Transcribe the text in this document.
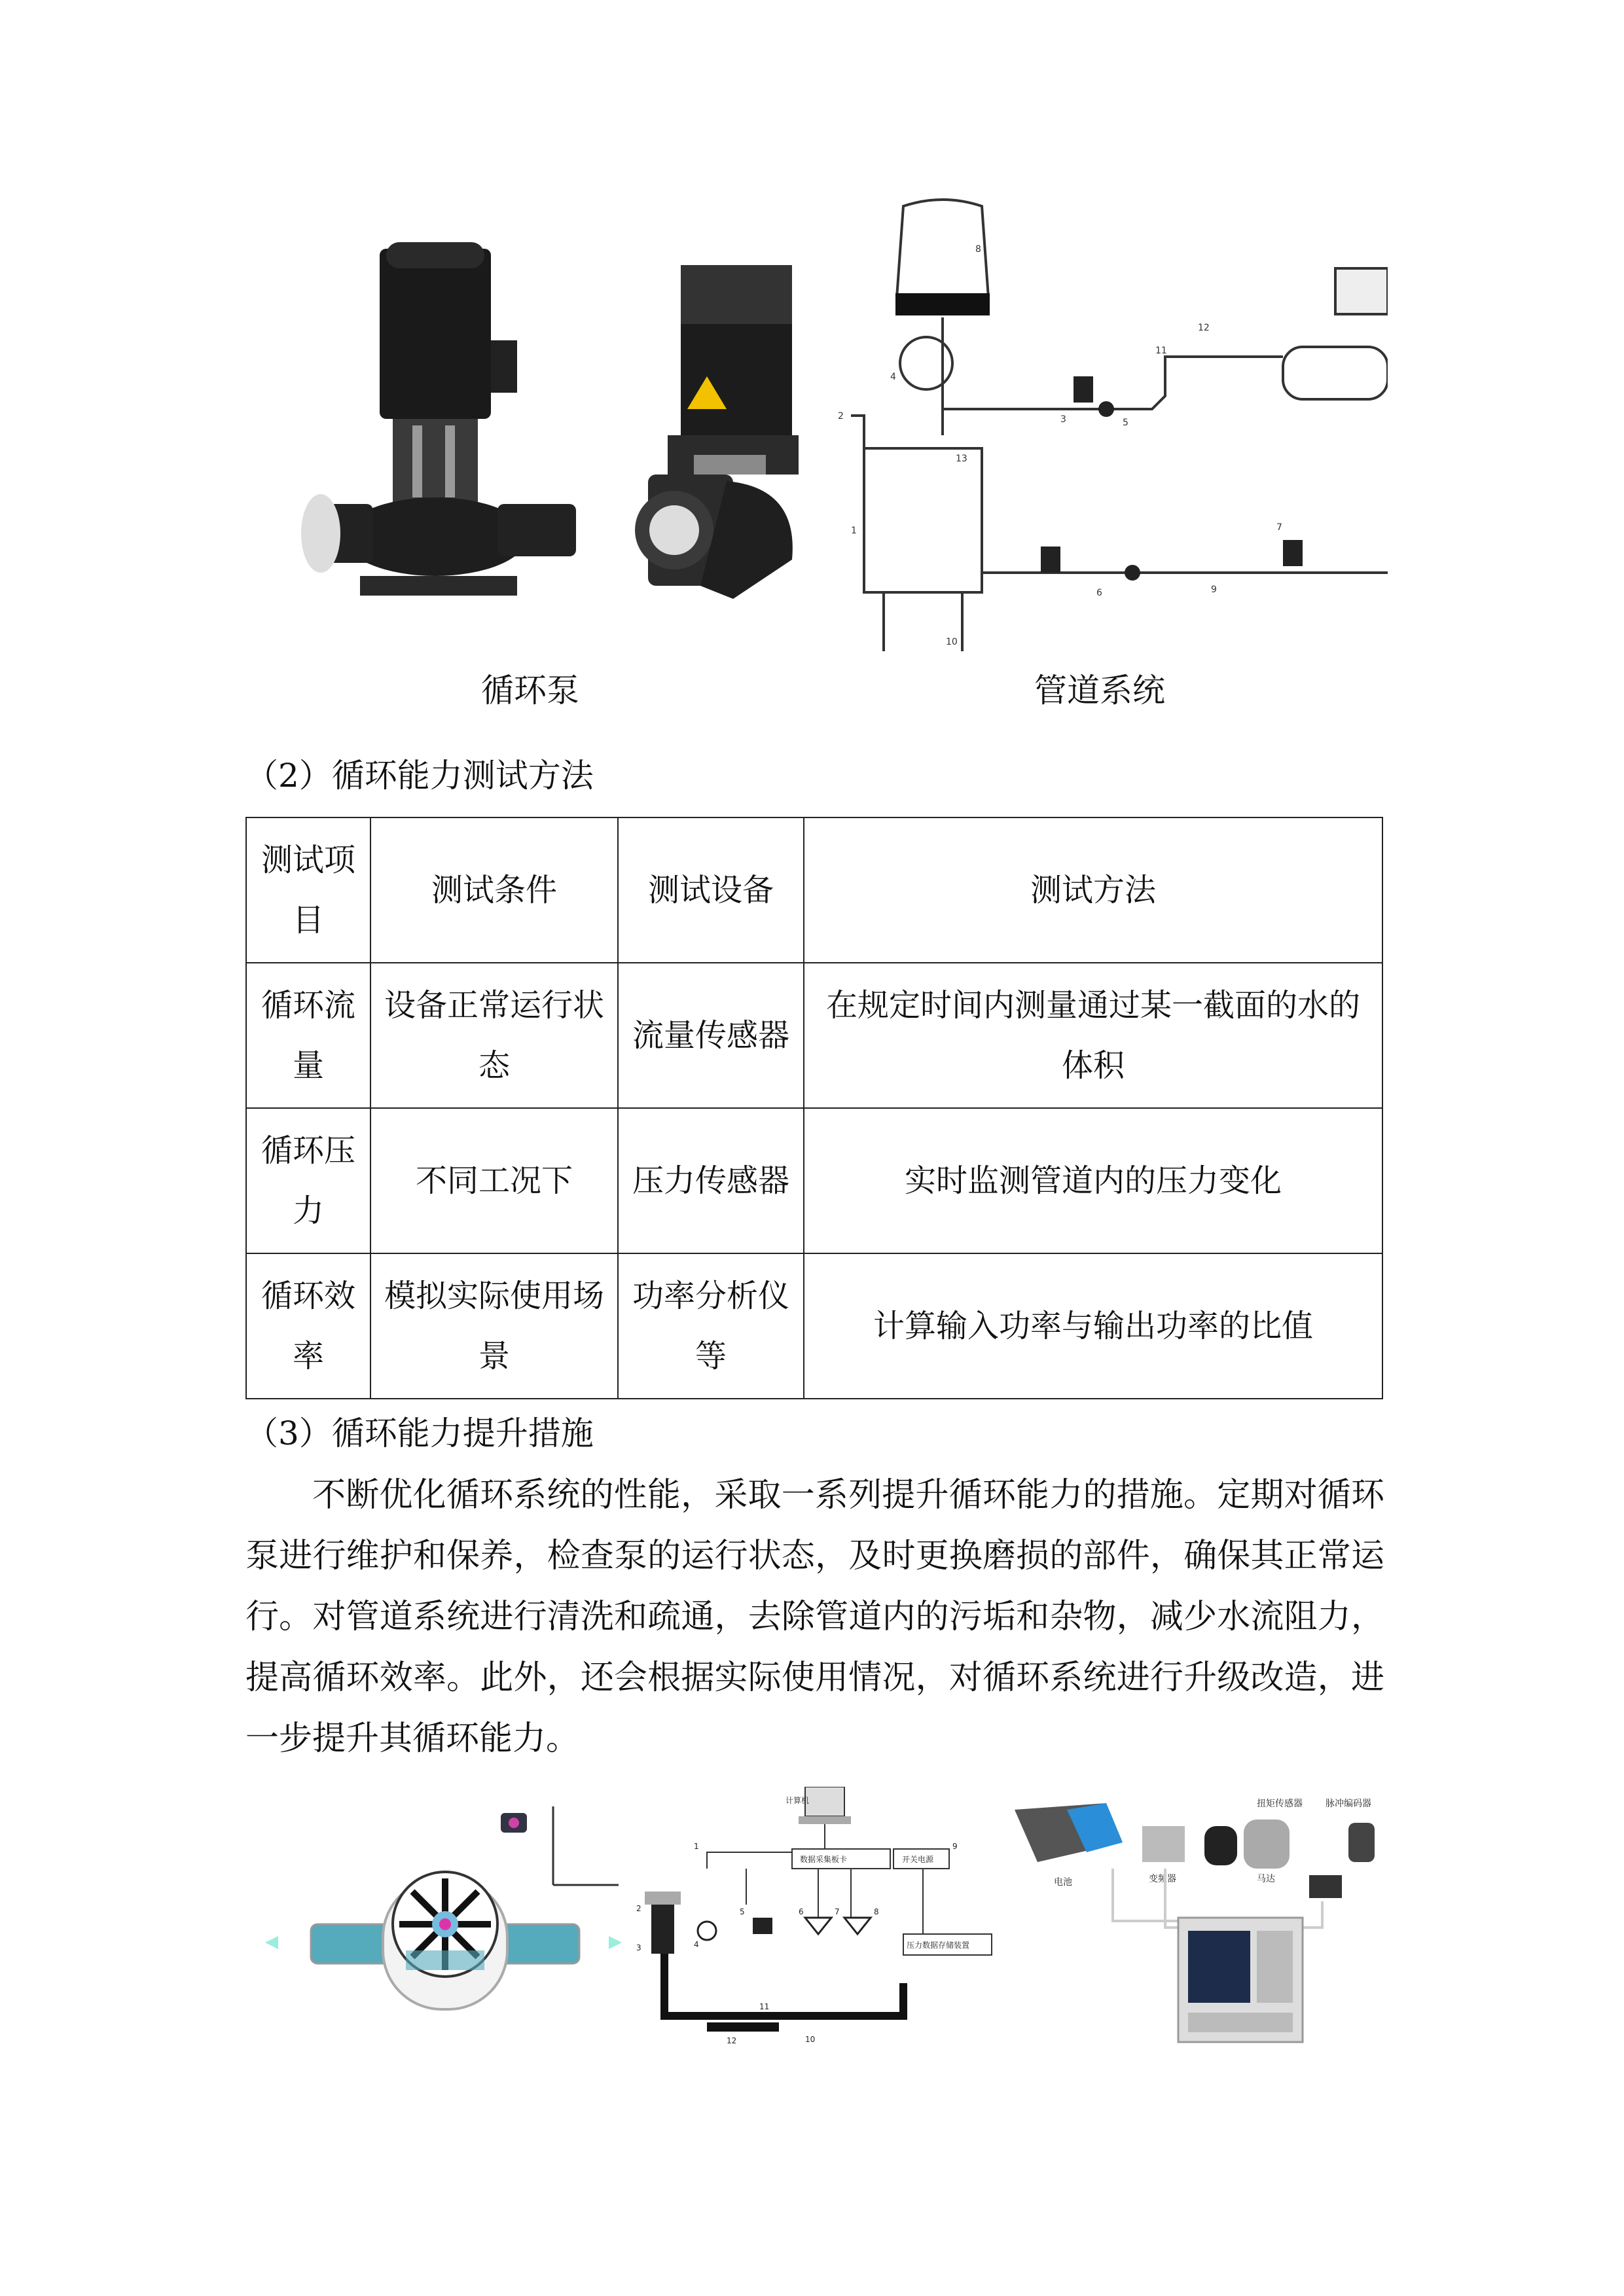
8
12
11
2
4
13
3	5
6
1
9
7
10
循环泵	管道系统
（2）循环能力测试方法
测试项目	测试条件	测试设备	测试方法
循环流量	设备正常运行状态	流量传感器	在规定时间内测量通过某一截面的水的体积
循环压力	不同工况下	压力传感器	实时监测管道内的压力变化
循环效率	模拟实际使用场景	功率分析仪等	计算输入功率与输出功率的比值
（3）循环能力提升措施
不断优化循环系统的性能，采取一系列提升循环能力的措施。定期对循环泵进行维护和保养，检查泵的运行状态，及时更换磨损的部件，确保其正常运行。对管道系统进行清洗和疏通，去除管道内的污垢和杂物，减少水流阻力，提高循环效率。此外，还会根据实际使用情况，对循环系统进行升级改造，进一步提升其循环能力。
计算机
数据采集板卡	开关电源
压力数据存储装置
1
2
3	4
5	6	7	8
9
10
11
12
电池	变频器	马达
扭矩传感器	脉冲编码器
